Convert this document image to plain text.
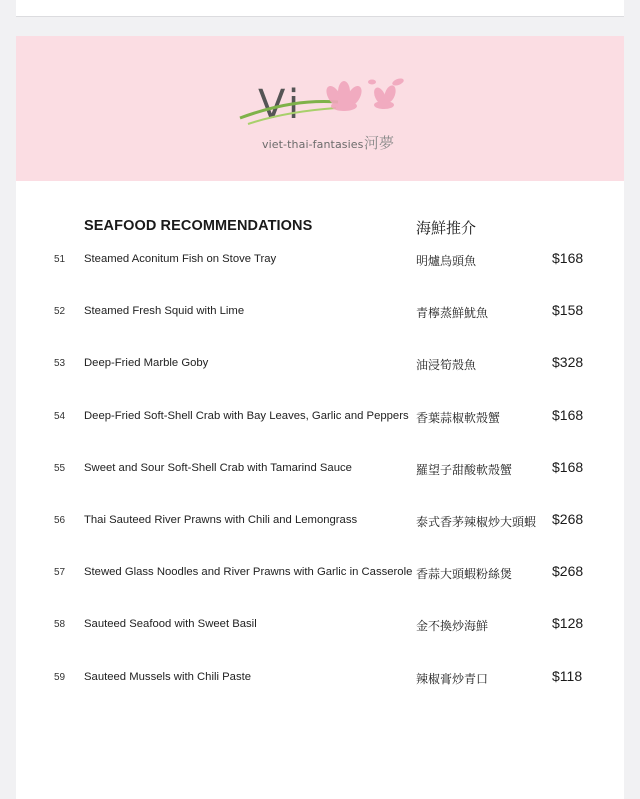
V i
viet-thai-fantasies 河夢
SEAFOOD RECOMMENDATIONS	海鮮推介
51 Steamed Aconitum Fish on Stove Tray	明爐烏頭魚	$168
52 Steamed Fresh Squid with Lime	青檸蒸鮮魷魚	$158
53 Deep-Fried Marble Goby	油浸筍殼魚	$328
54 Deep-Fried Soft-Shell Crab with Bay Leaves, Garlic and Peppers 香葉蒜椒軟殼蟹	$168
55 Sweet and Sour Soft-Shell Crab with Tamarind Sauce	羅望子甜酸軟殼蟹	$168
56 Thai Sauteed River Prawns with Chili and Lemongrass	泰式香茅辣椒炒大頭蝦 $268
57 Stewed Glass Noodles and River Prawns with Garlic in Casserole 香蒜大頭蝦粉絲煲	$268
58 Sauteed Seafood with Sweet Basil	金不換炒海鮮	$128
59 Sauteed Mussels with Chili Paste	辣椒膏炒青口	$118
